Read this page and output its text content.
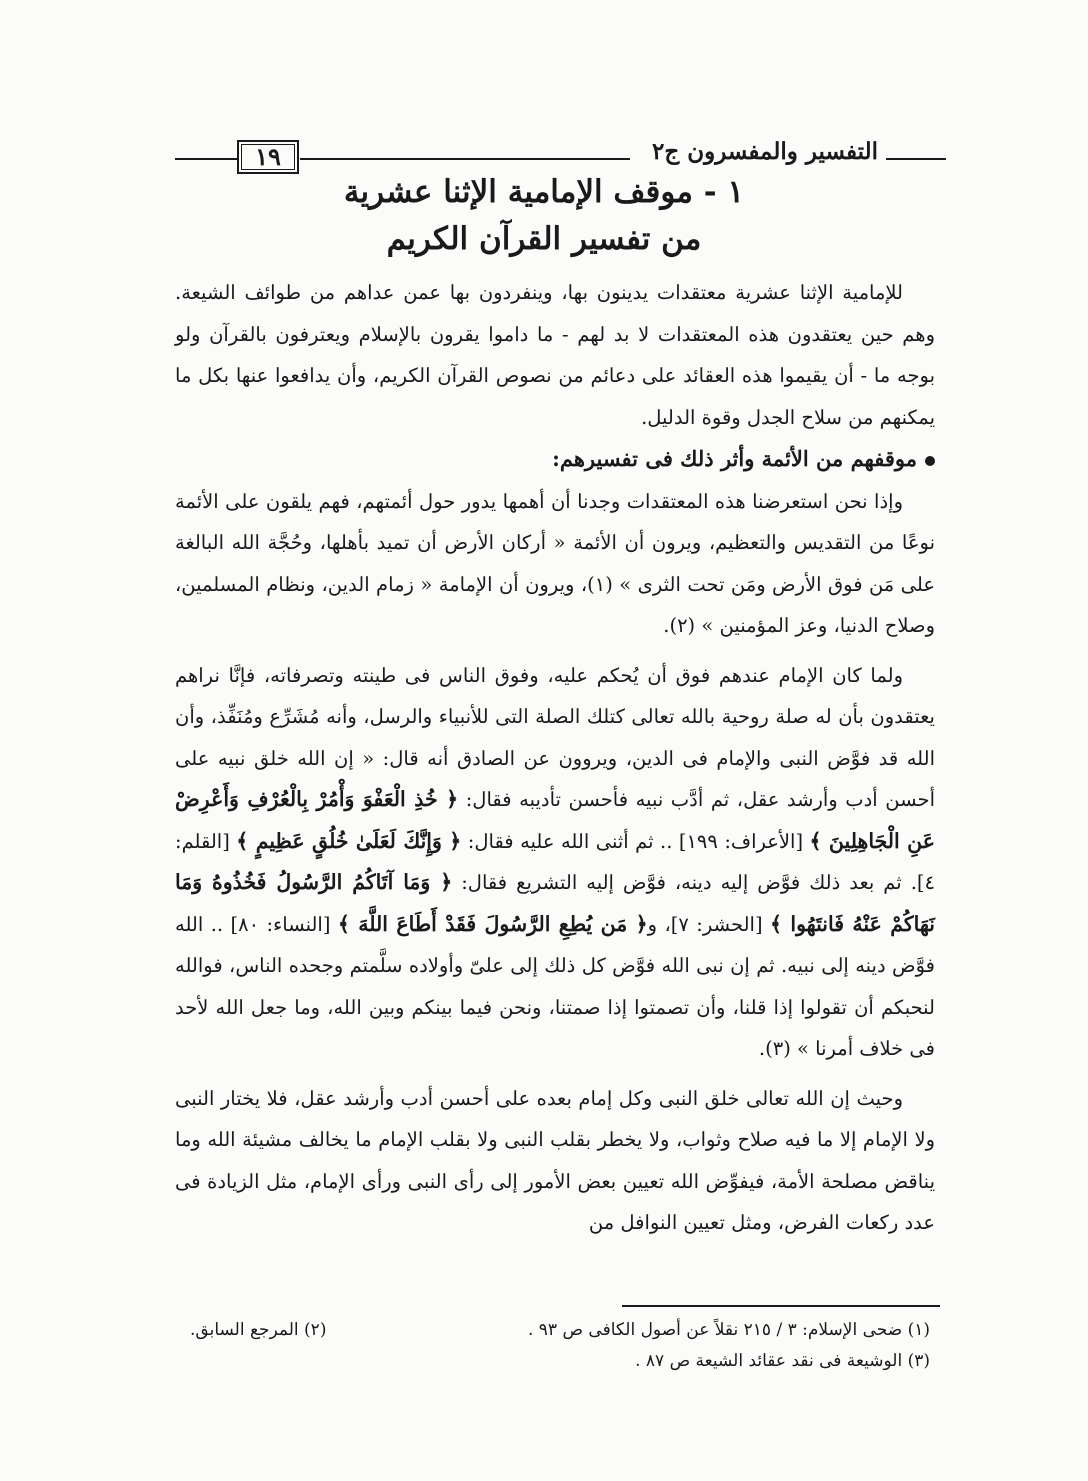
التفسير والمفسرون ج٢
١٩
١ - موقف الإمامية الإثنا عشرية
من تفسير القرآن الكريم

للإمامية الإثنا عشرية معتقدات يدينون بها، وينفردون بها عمن عداهم من طوائف الشيعة. وهم حين يعتقدون هذه المعتقدات لا بد لهم - ما داموا يقرون بالإسلام ويعترفون بالقرآن ولو بوجه ما - أن يقيموا هذه العقائد على دعائم من نصوص القرآن الكريم، وأن يدافعوا عنها بكل ما يمكنهم من سلاح الجدل وقوة الدليل.

موقفهم من الأئمة وأثر ذلك فى تفسيرهم:

وإذا نحن استعرضنا هذه المعتقدات وجدنا أن أهمها يدور حول أئمتهم، فهم يلقون على الأئمة نوعًا من التقديس والتعظيم، ويرون أن الأئمة « أركان الأرض أن تميد بأهلها، وحُجَّة الله البالغة على مَن فوق الأرض ومَن تحت الثرى » (١)، ويرون أن الإمامة « زمام الدين، ونظام المسلمين، وصلاح الدنيا، وعز المؤمنين » (٢).

ولما كان الإمام عندهم فوق أن يُحكم عليه، وفوق الناس فى طينته وتصرفاته، فإنَّا نراهم يعتقدون بأن له صلة روحية بالله تعالى كتلك الصلة التى للأنبياء والرسل، وأنه مُشَرِّع ومُنَفِّذ، وأن الله قد فوَّض النبى والإمام فى الدين، ويروون عن الصادق أنه قال: « إن الله خلق نبيه على أحسن أدب وأرشد عقل، ثم أدَّب نبيه فأحسن تأديبه فقال: ﴿ خُذِ الْعَفْوَ وَأْمُرْ بِالْعُرْفِ وَأَعْرِضْ عَنِ الْجَاهِلِينَ ﴾ [الأعراف: ١٩٩] .. ثم أثنى الله عليه فقال: ﴿ وَإِنَّكَ لَعَلَىٰ خُلُقٍ عَظِيمٍ ﴾ [القلم: ٤]. ثم بعد ذلك فوَّض إليه دينه، فوَّض إليه التشريع فقال: ﴿ وَمَا آتَاكُمُ الرَّسُولُ فَخُذُوهُ وَمَا نَهَاكُمْ عَنْهُ فَانتَهُوا ﴾ [الحشر: ٧]، و﴿ مَن يُطِعِ الرَّسُولَ فَقَدْ أَطَاعَ اللَّهَ ﴾ [النساء: ٨٠] .. الله فوَّض دينه إلى نبيه. ثم إن نبى الله فوَّض كل ذلك إلى علىّ وأولاده سلَّمتم وجحده الناس، فوالله لنحبكم أن تقولوا إذا قلنا، وأن تصمتوا إذا صمتنا، ونحن فيما بينكم وبين الله، وما جعل الله لأحد فى خلاف أمرنا » (٣).

وحيث إن الله تعالى خلق النبى وكل إمام بعده على أحسن أدب وأرشد عقل، فلا يختار النبى ولا الإمام إلا ما فيه صلاح وثواب، ولا يخطر بقلب النبى ولا بقلب الإمام ما يخالف مشيئة الله وما يناقض مصلحة الأمة، فيفوِّض الله تعيين بعض الأمور إلى رأى النبى ورأى الإمام، مثل الزيادة فى عدد ركعات الفرض، ومثل تعيين النوافل من

(١) ضحى الإسلام: ٣ / ٢١٥ نقلاً عن أصول الكافى ص ٩٣ .
(٢) المرجع السابق.
(٣) الوشيعة فى نقد عقائد الشيعة ص ٨٧ .
